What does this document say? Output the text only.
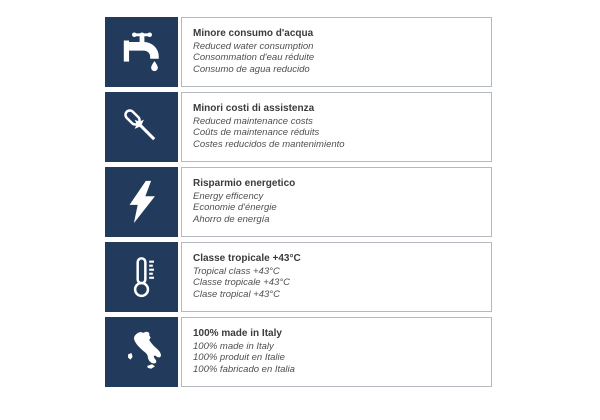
Minore consumo d'acqua
Reduced water consumption
Consommation d'eau réduite
Consumo de agua reducido
Minori costi di assistenza
Reduced maintenance costs
Coûts de maintenance réduits
Costes reducidos de mantenimiento
Risparmio energetico
Energy efficency
Economie d'énergie
Ahorro de energía
Classe tropicale +43°C
Tropical class +43°C
Classe tropicale +43°C
Clase tropical +43°C
100% made in Italy
100% made in Italy
100% produit en Italie
100% fabricado en Italia
